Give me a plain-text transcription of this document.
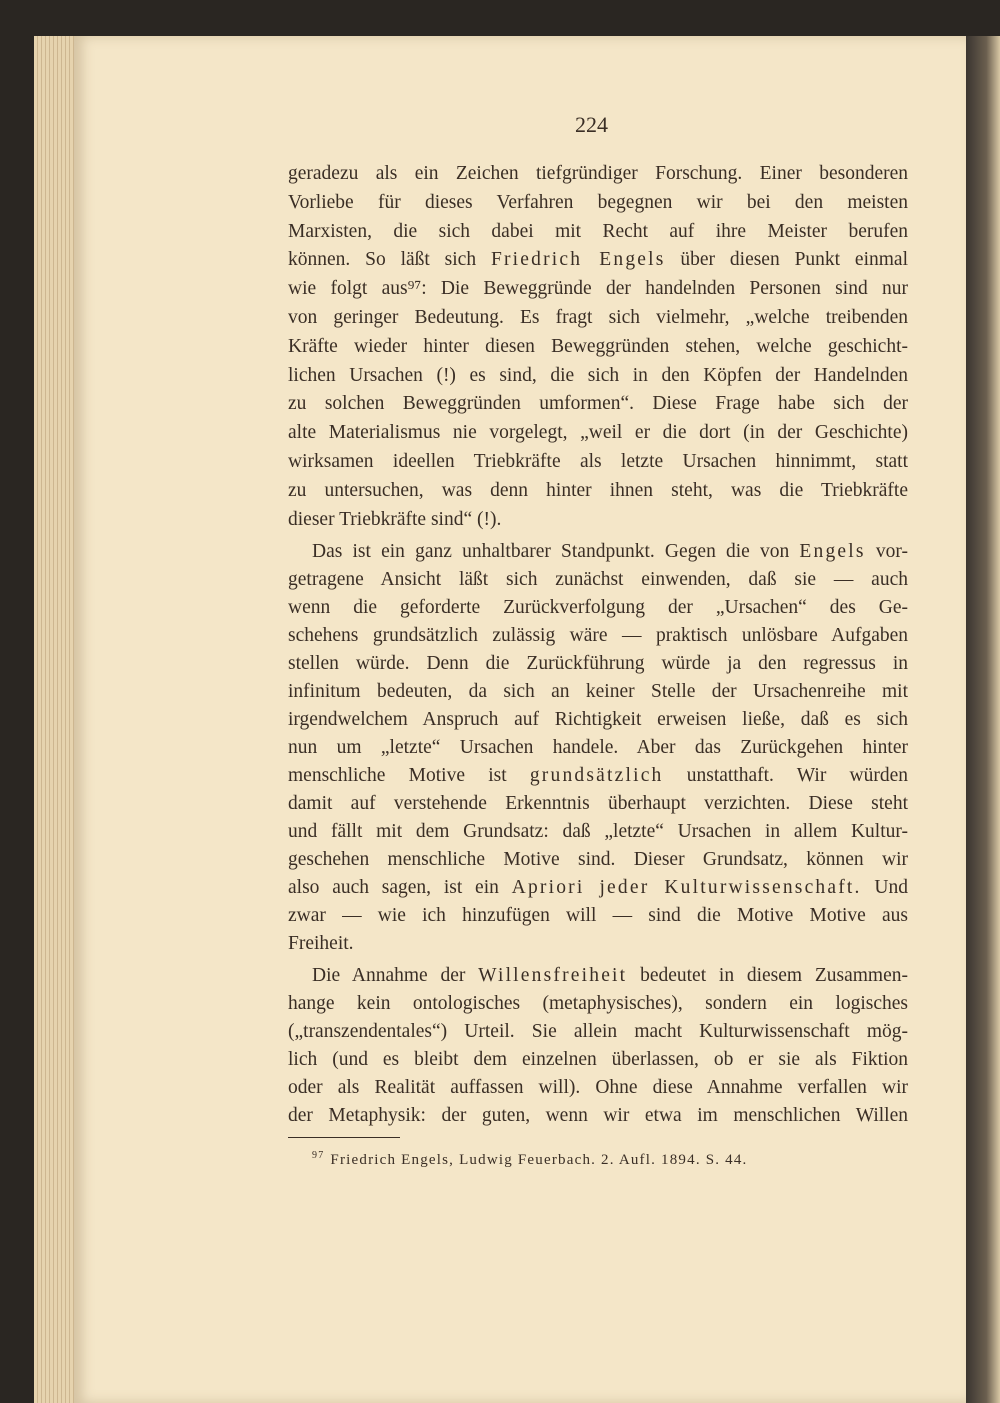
224
geradezu als ein Zeichen tiefgründiger Forschung. Einer besonderen
Vorliebe für dieses Verfahren begegnen wir bei den meisten
Marxisten, die sich dabei mit Recht auf ihre Meister berufen
können. So läßt sich Friedrich Engels über diesen Punkt einmal
wie folgt aus⁹⁷: Die Beweggründe der handelnden Personen sind nur
von geringer Bedeutung. Es fragt sich vielmehr, „welche treibenden
Kräfte wieder hinter diesen Beweggründen stehen, welche geschicht-
lichen Ursachen (!) es sind, die sich in den Köpfen der Handelnden
zu solchen Beweggründen umformen“. Diese Frage habe sich der
alte Materialismus nie vorgelegt, „weil er die dort (in der Geschichte)
wirksamen ideellen Triebkräfte als letzte Ursachen hinnimmt, statt
zu untersuchen, was denn hinter ihnen steht, was die Triebkräfte
dieser Triebkräfte sind“ (!).
Das ist ein ganz unhaltbarer Standpunkt. Gegen die von Engels vor-
getragene Ansicht läßt sich zunächst einwenden, daß sie — auch
wenn die geforderte Zurückverfolgung der „Ursachen“ des Ge-
schehens grundsätzlich zulässig wäre — praktisch unlösbare Aufgaben
stellen würde. Denn die Zurückführung würde ja den regressus in
infinitum bedeuten, da sich an keiner Stelle der Ursachenreihe mit
irgendwelchem Anspruch auf Richtigkeit erweisen ließe, daß es sich
nun um „letzte“ Ursachen handele. Aber das Zurückgehen hinter
menschliche Motive ist grundsätzlich unstatthaft. Wir würden
damit auf verstehende Erkenntnis überhaupt verzichten. Diese steht
und fällt mit dem Grundsatz: daß „letzte“ Ursachen in allem Kultur-
geschehen menschliche Motive sind. Dieser Grundsatz, können wir
also auch sagen, ist ein Apriori jeder Kulturwissenschaft. Und
zwar — wie ich hinzufügen will — sind die Motive Motive aus
Freiheit.
Die Annahme der Willensfreiheit bedeutet in diesem Zusammen-
hange kein ontologisches (metaphysisches), sondern ein logisches
(„transzendentales“) Urteil. Sie allein macht Kulturwissenschaft mög-
lich (und es bleibt dem einzelnen überlassen, ob er sie als Fiktion
oder als Realität auffassen will). Ohne diese Annahme verfallen wir
der Metaphysik: der guten, wenn wir etwa im menschlichen Willen
$^{97}$ Friedrich Engels, Ludwig Feuerbach. 2. Aufl. 1894. S. 44.
